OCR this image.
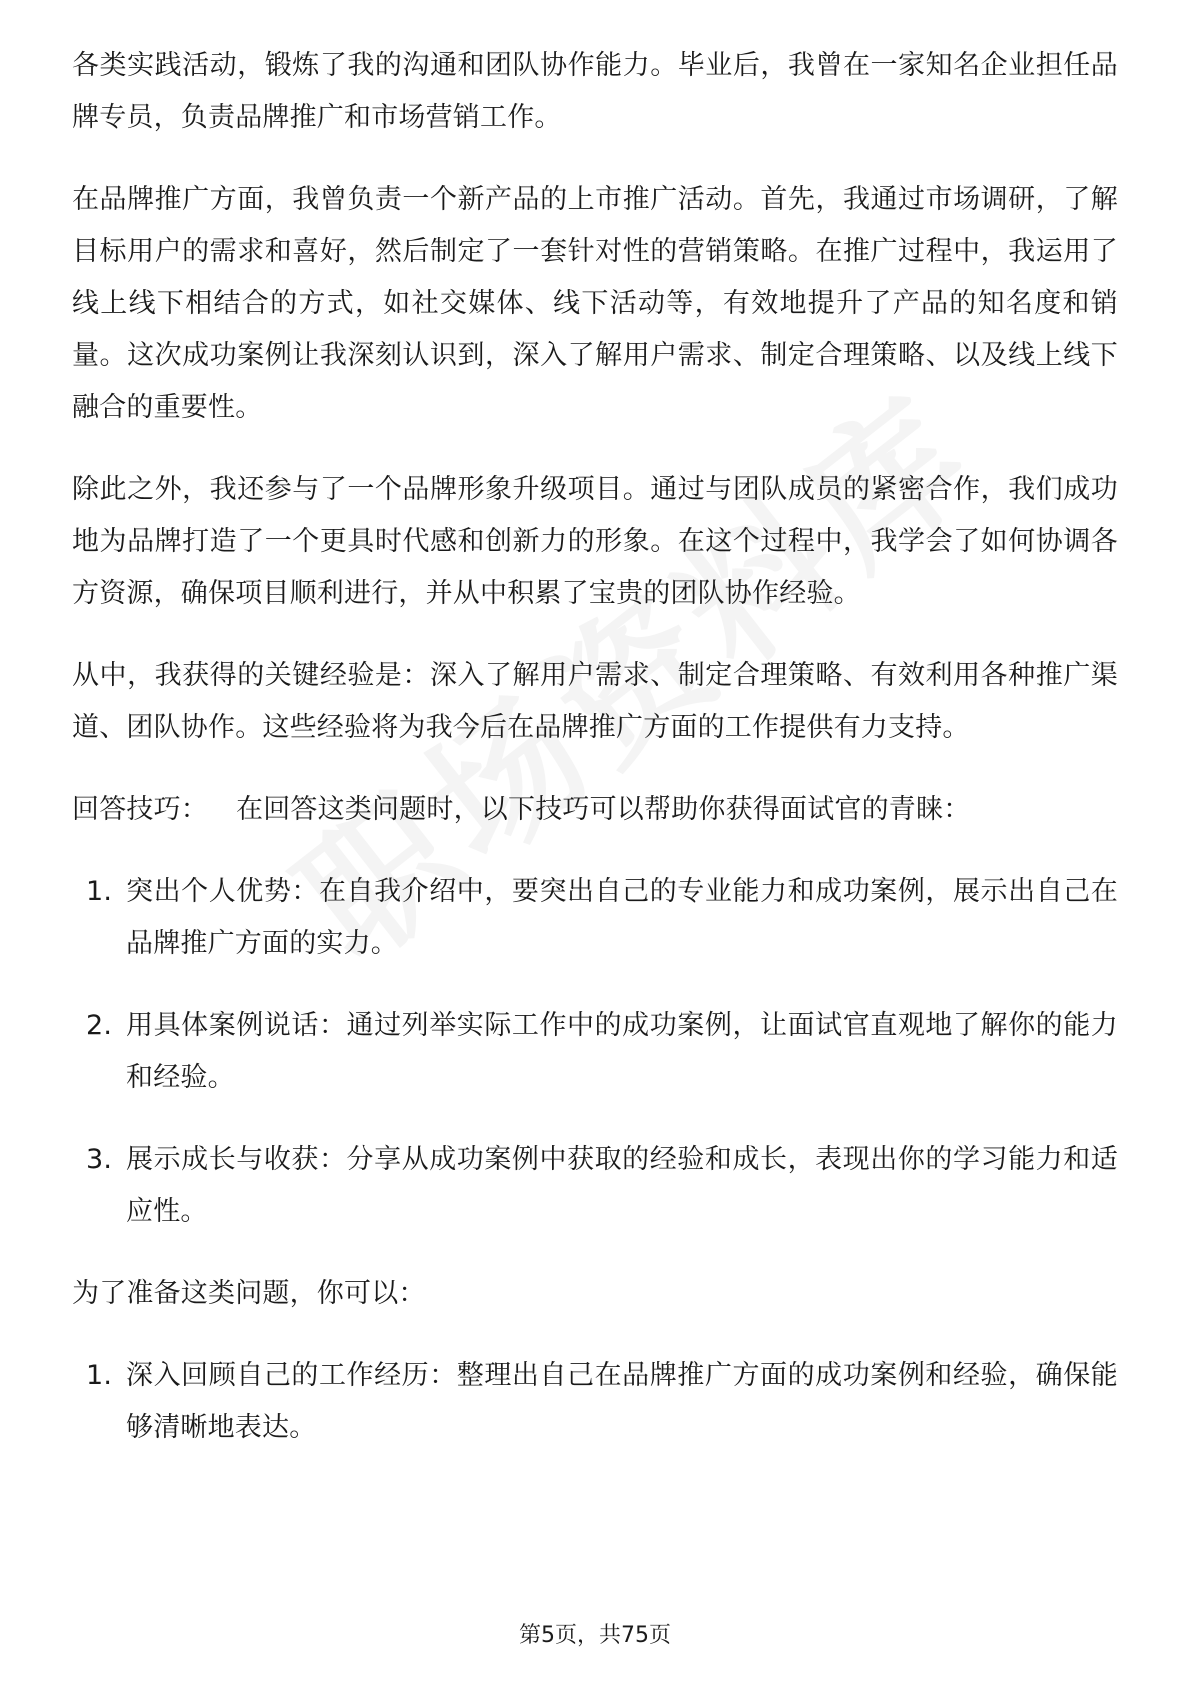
各类实践活动，锻炼了我的沟通和团队协作能力。毕业后，我曾在一家知名企业担任品牌专员，负责品牌推广和市场营销工作。

在品牌推广方面，我曾负责一个新产品的上市推广活动。首先，我通过市场调研，了解目标用户的需求和喜好，然后制定了一套针对性的营销策略。在推广过程中，我运用了线上线下相结合的方式，如社交媒体、线下活动等，有效地提升了产品的知名度和销量。这次成功案例让我深刻认识到，深入了解用户需求、制定合理策略、以及线上线下融合的重要性。

除此之外，我还参与了一个品牌形象升级项目。通过与团队成员的紧密合作，我们成功地为品牌打造了一个更具时代感和创新力的形象。在这个过程中，我学会了如何协调各方资源，确保项目顺利进行，并从中积累了宝贵的团队协作经验。

从中，我获得的关键经验是：深入了解用户需求、制定合理策略、有效利用各种推广渠道、团队协作。这些经验将为我今后在品牌推广方面的工作提供有力支持。

回答技巧： 在回答这类问题时，以下技巧可以帮助你获得面试官的青睐：

1. 突出个人优势：在自我介绍中，要突出自己的专业能力和成功案例，展示出自己在品牌推广方面的实力。
2. 用具体案例说话：通过列举实际工作中的成功案例，让面试官直观地了解你的能力和经验。
3. 展示成长与收获：分享从成功案例中获取的经验和成长，表现出你的学习能力和适应性。

为了准备这类问题，你可以：

1. 深入回顾自己的工作经历：整理出自己在品牌推广方面的成功案例和经验，确保能够清晰地表达。
第5页，共75页
